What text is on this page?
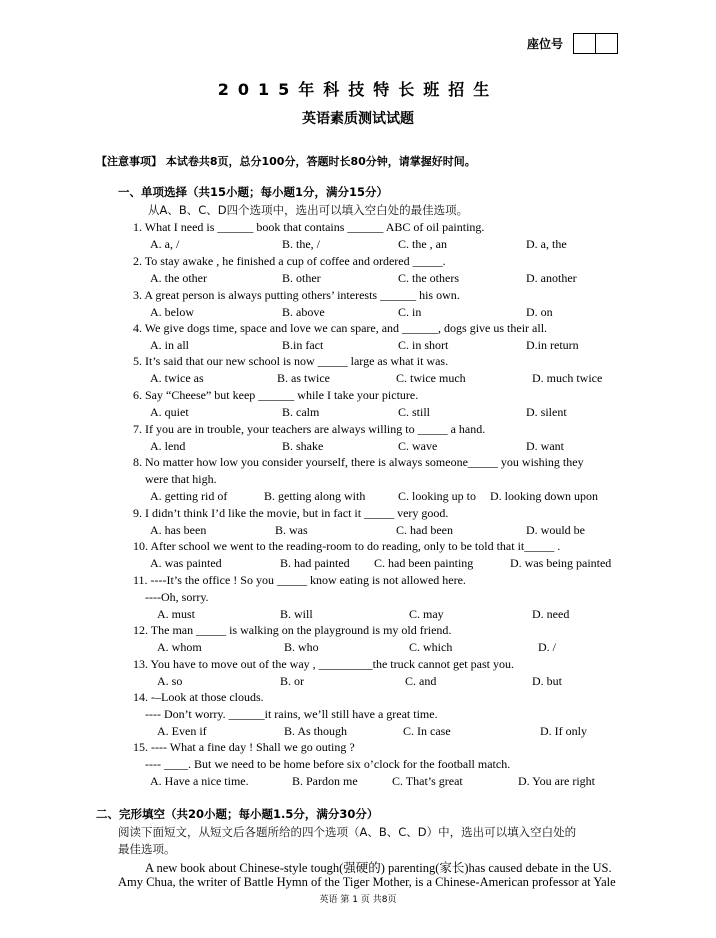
座位号
2015年科技特长班招生
英语素质测试试题
【注意事项】 本试卷共8页，总分100分，答题时长80分钟，请掌握好时间。
一、单项选择（共15小题；每小题1分，满分15分）
从A、B、C、D四个选项中，选出可以填入空白处的最佳选项。
1. What I need is ______ book that contains ______ ABC of oil painting.
A. a, /	B. the, /	C. the , an	D. a, the
2. To stay awake , he finished a cup of coffee and ordered _____.
A. the other	B. other	C. the others	D. another
3. A great person is always putting others’ interests ______ his own.
A. below	B. above	C. in	D. on
4. We give dogs time, space and love we can spare, and ______, dogs give us their all.
A. in all	B.in fact	C. in short	D.in return
5. It’s said that our new school is now _____ large as what it was.
A. twice as	B. as twice	C. twice much	D. much twice
6. Say “Cheese” but keep ______ while I take your picture.
A. quiet	B. calm	C. still	D. silent
7. If you are in trouble, your teachers are always willing to _____ a hand.
A. lend	B. shake	C. wave	D. want
8. No matter how low you consider yourself, there is always someone_____ you wishing they
were that high.
A. getting rid of	B. getting along with	C. looking up to D. looking down upon
9. I didn’t think I’d like the movie, but in fact it _____ very good.
A. has been	B. was	C. had been	D. would be
10. After school we went to the reading-room to do reading, only to be told that it_____ .
A. was painted	B. had painted C. had been painting	D. was being painted
11. ----It’s the office ! So you _____ know eating is not allowed here.
----Oh, sorry.
A. must	B. will	C. may	D. need
12. The man _____ is walking on the playground is my old friend.
A. whom	B. who	C. which	D. /
13. You have to move out of the way , _________the truck cannot get past you.
A. so	B. or	C. and	D. but
14. -–Look at those clouds.
---- Don’t worry. ______it rains, we’ll still have a great time.
A. Even if	B. As though	C. In case	D. If only
15. ---- What a fine day ! Shall we go outing ?
---- ____. But we need to be home before six o’clock for the football match.
A. Have a nice time.	B. Pardon me	C. That’s great	D. You are right
二、完形填空（共20小题；每小题1.5分，满分30分）
阅读下面短文，从短文后各题所给的四个选项（A、B、C、D）中，选出可以填入空白处的
最佳选项。
A new book about Chinese-style tough(强硬的) parenting(家长)has caused debate in the US.
Amy Chua, the writer of Battle Hymn of the Tiger Mother, is a Chinese-American professor at Yale
英语 第 1 页 共8页
